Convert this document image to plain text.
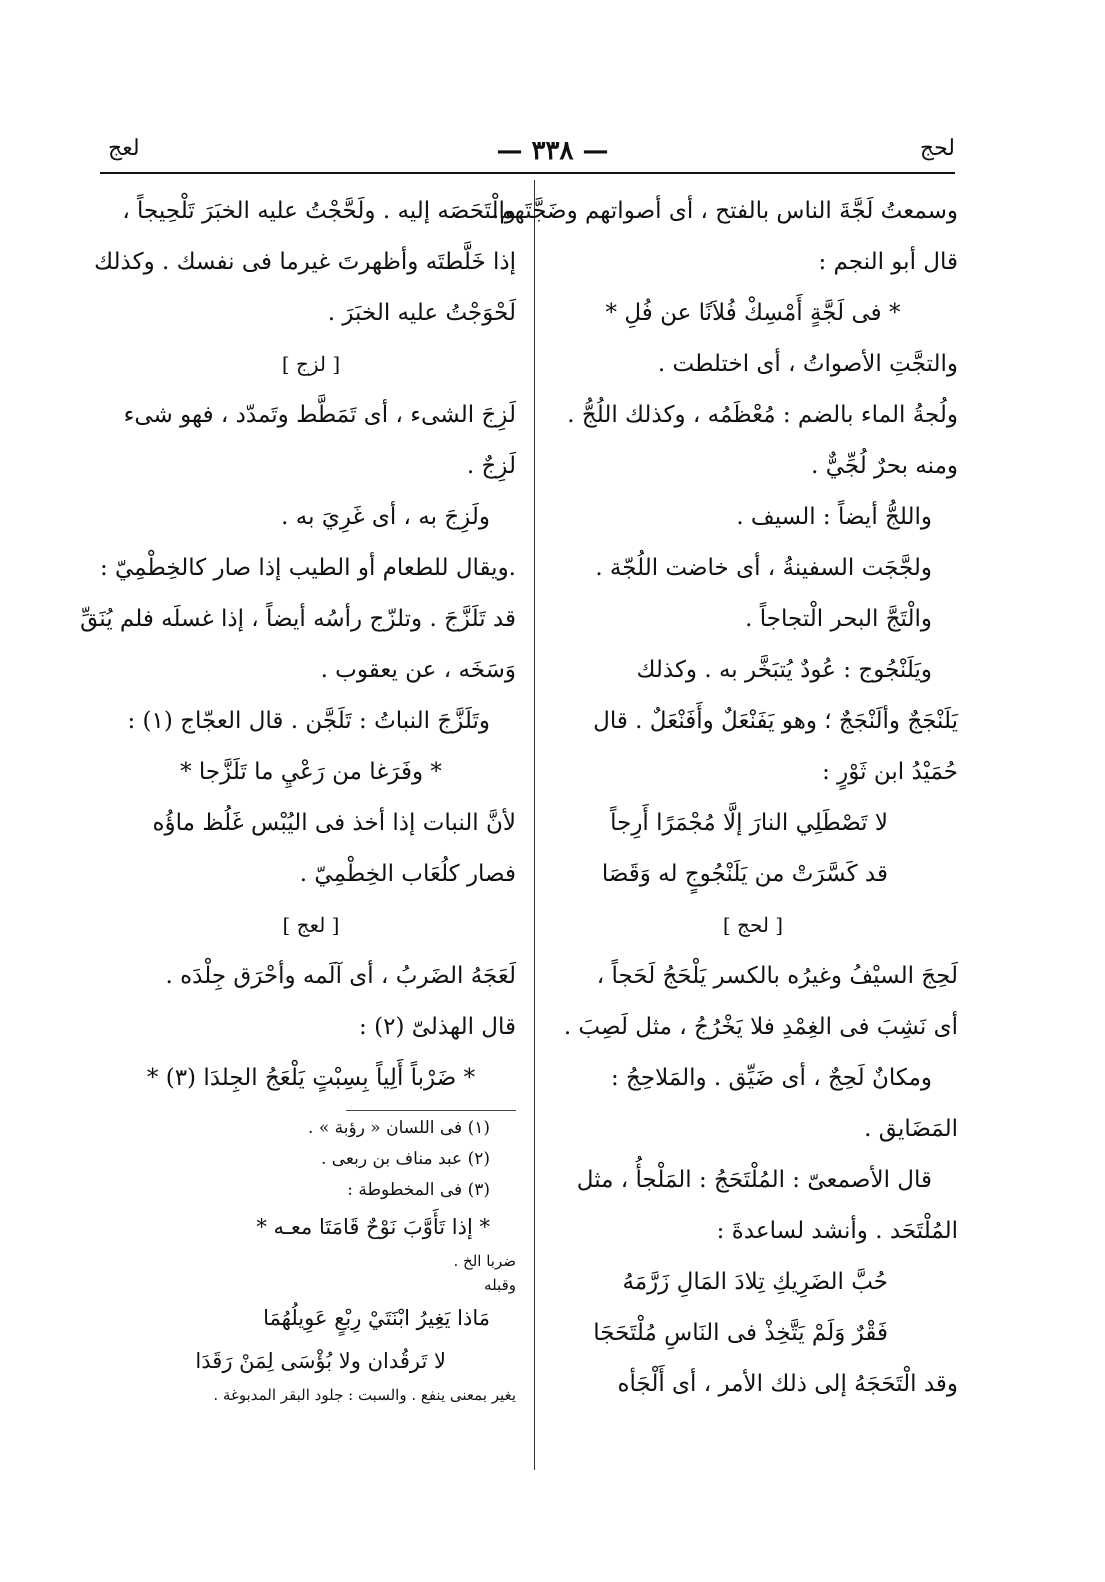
لحج
— ٣٣٨ —
لعج
وسمعتُ لَجَّةَ الناس بالفتح ، أى أصواتهم وضَجَّتَهم.
قال أبو النجم :
* فى لَجَّةٍ أَمْسِكْ فُلاَنًا عن فُلِ *
والتجَّتِ الأصواتُ ، أى اختلطت .
ولُجةُ الماء بالضم : مُعْظَمُه ، وكذلك اللُجُّ .
ومنه بحرٌ لُجِّيٌّ .
واللجُّ أيضاً : السيف .
ولجَّجَت السفينةُ ، أى خاضت اللُجّة .
والْتَجَّ البحر الْتجاجاً .
ويَلَنْجُوج : عُودٌ يُتبَخَّر به . وكذلك
يَلَنْجَجٌ وألَنْجَجٌ ؛ وهو يَفَنْعَلٌ وأَفَنْعَلٌ . قال
حُمَيْدُ ابن ثَوْرٍ :
لا تَصْطَلِي النارَ إلَّا مُجْمَرًا أَرِجاً
قد كَسَّرَتْ من يَلَنْجُوجٍ له وَقَصَا
[ لحج ]
لَحِجَ السيْفُ وغيرُه بالكسر يَلْحَجُ لَحَجاً ،
أى نَشِبَ فى الغِمْدِ فلا يَخْرُجُ ، مثل لَصِبَ .
ومكانٌ لَحِجٌ ، أى ضَيِّق . والمَلاحِجُ :
المَضَايق .
قال الأصمعىّ : المُلْتَحَجُ : المَلْجأُ ، مثل
المُلْتَحَد . وأنشد لساعدةَ :
حُبَّ الضَرِيكِ تِلادَ المَالِ زَرَّمَهُ
فَقْرٌ وَلَمْ يَتَّخِذْ فى النَاسِ مُلْتَحَجَا
وقد الْتَحَجَهُ إلى ذلك الأمر ، أى أَلْجَأه
والْتَحَصَه إليه . ولَحَّجْتُ عليه الخبَرَ تَلْحِيجاً ،
إذا خَلَّطتَه وأظهرتَ غيرما فى نفسك . وكذلك
لَحْوَجْتُ عليه الخبَرَ .
[ لزج ]
لَزِجَ الشىء ، أى تَمَطَّط وتَمدّد ، فهو شىء
لَزِجٌ .
ولَزِجَ به ، أى غَرِيَ به .
.ويقال للطعام أو الطيب إذا صار كالخِطْمِيّ :
قد تَلَزَّجَ . وتلزّج رأسُه أيضاً ، إذا غسلَه فلم يُنَقِّ
وَسَخَه ، عن يعقوب .
وتَلَزَّجَ النباتُ : تَلَجَّن . قال العجّاج (١) :
* وفَرَغا من رَعْيِ ما تَلَزَّجا *
لأنَّ النبات إذا أخذ فى اليُبْس غَلُظ ماؤُه
فصار كلُعَاب الخِطْمِيّ .
[ لعج ]
لَعَجَهُ الضَربُ ، أى آلَمه وأحْرَق جِلْدَه .
قال الهذلىّ (٢) :
* ضَرْباً أَلِياً بِسِبْتٍ يَلْعَجُ الجِلدَا (٣) *
(١) فى اللسان « رؤبة » .
(٢) عبد مناف بن ربعى .
(٣) فى المخطوطة :
* إذا تَأَوَّبَ نَوْحٌ قَامَتَا معـه *
ضربا الخ .
وقبله
مَاذا يَغِيرُ ابْنَتَيْ رِبْعٍ عَوِيلُهُمَا
لا تَرقُدان ولا بُؤْسَى لِمَنْ رَقَدَا
يغير بمعنى ينفع . والسبت : جلود البقر المدبوغة .
